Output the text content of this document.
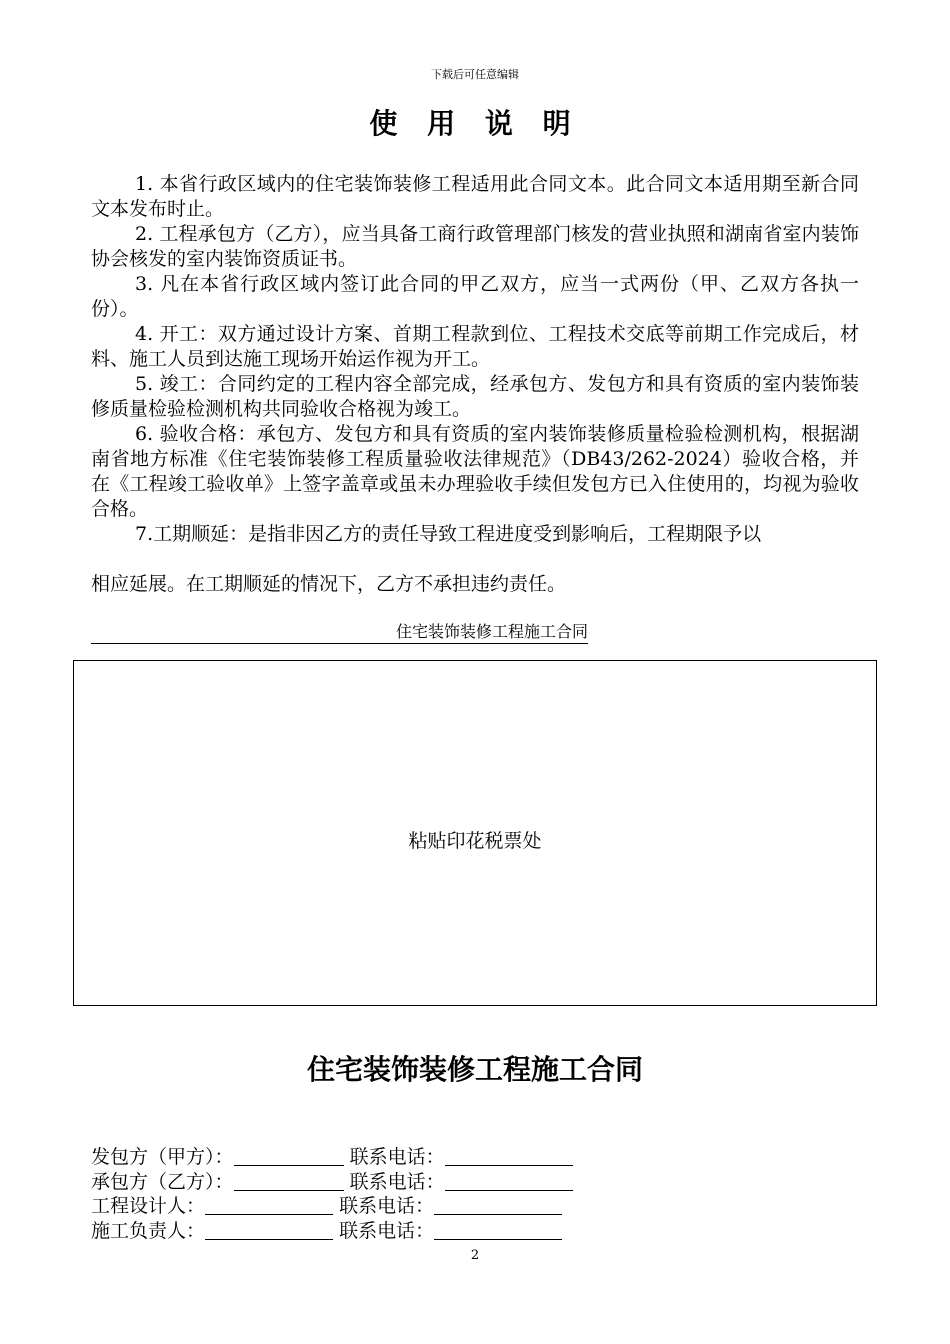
下载后可任意编辑
使 用 说 明
1. 本省行政区域内的住宅装饰装修工程适用此合同文本。此合同文本适用期至新合同文本发布时止。
2. 工程承包方（乙方），应当具备工商行政管理部门核发的营业执照和湖南省室内装饰协会核发的室内装饰资质证书。
3. 凡在本省行政区域内签订此合同的甲乙双方，应当一式两份（甲、乙双方各执一份）。
4. 开工：双方通过设计方案、首期工程款到位、工程技术交底等前期工作完成后，材料、施工人员到达施工现场开始运作视为开工。
5. 竣工：合同约定的工程内容全部完成，经承包方、发包方和具有资质的室内装饰装修质量检验检测机构共同验收合格视为竣工。
6. 验收合格：承包方、发包方和具有资质的室内装饰装修质量检验检测机构，根据湖南省地方标准《住宅装饰装修工程质量验收法律规范》（DB43/262-2024）验收合格，并在《工程竣工验收单》上签字盖章或虽未办理验收手续但发包方已入住使用的，均视为验收合格。
7.工期顺延：是指非因乙方的责任导致工程进度受到影响后，工程期限予以
相应延展。在工期顺延的情况下，乙方不承担违约责任。
住宅装饰装修工程施工合同
粘贴印花税票处
住宅装饰装修工程施工合同
发包方（甲方）：	联系电话：
承包方（乙方）：	联系电话：
工程设计人：	联系电话：
施工负责人：	联系电话：
2
